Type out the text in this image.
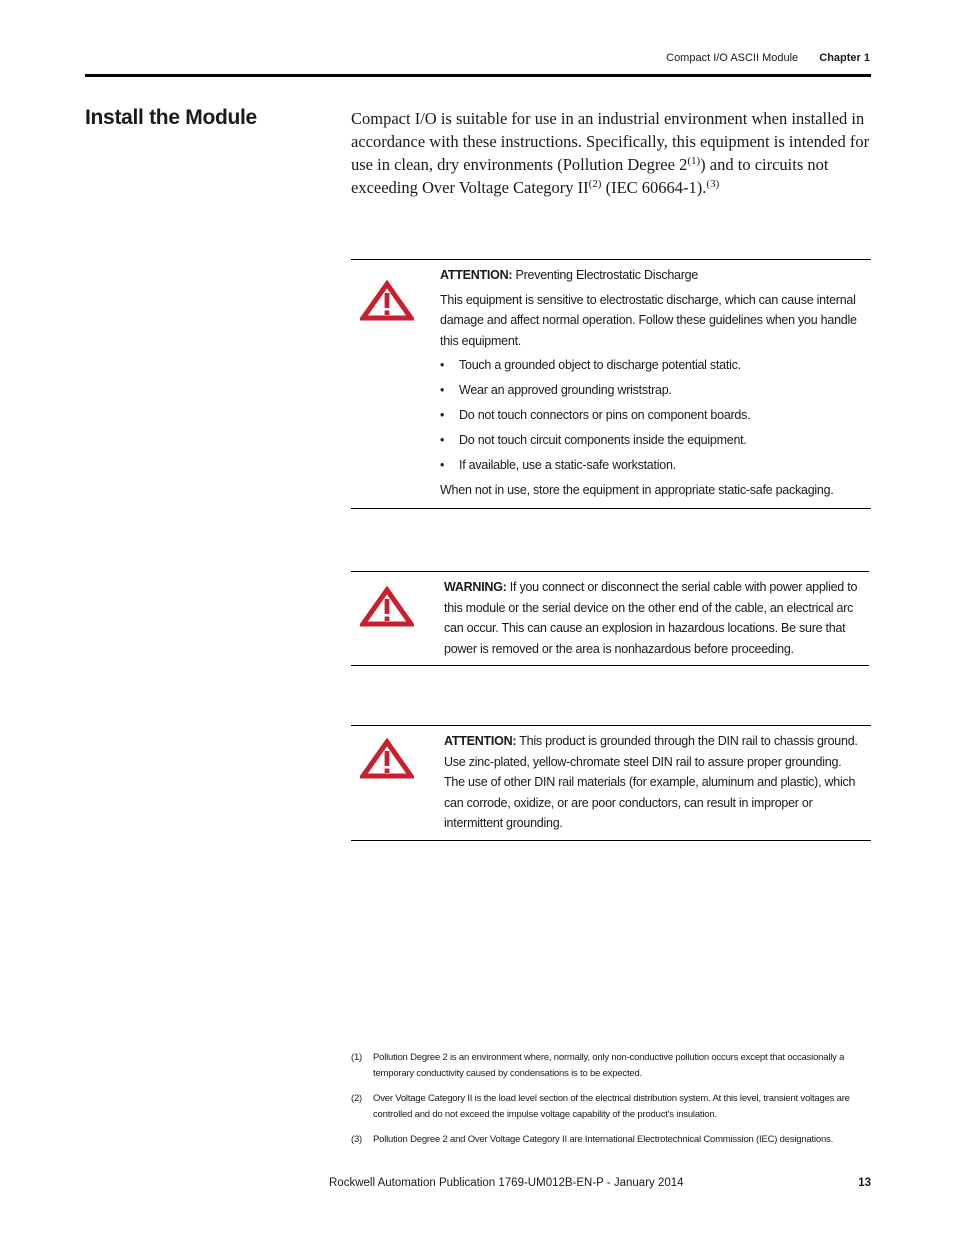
Compact I/O ASCII Module Chapter 1
Install the Module	Compact I/O is suitable for use in an industrial environment when installed in accordance with these instructions. Specifically, this equipment is intended for use in clean, dry environments (Pollution Degree 2$^{(1)}$) and to circuits not exceeding Over Voltage Category II$^{(2)}$ (IEC 60664-1).$^{(3)}$

ATTENTION: Preventing Electrostatic Discharge

This equipment is sensitive to electrostatic discharge, which can cause internal damage and affect normal operation. Follow these guidelines when you handle this equipment.

• Touch a grounded object to discharge potential static.
• Wear an approved grounding wriststrap.
• Do not touch connectors or pins on component boards.
• Do not touch circuit components inside the equipment.
• If available, use a static-safe workstation.

When not in use, store the equipment in appropriate static-safe packaging.

WARNING: If you connect or disconnect the serial cable with power applied to this module or the serial device on the other end of the cable, an electrical arc can occur. This can cause an explosion in hazardous locations. Be sure that power is removed or the area is nonhazardous before proceeding.

ATTENTION: This product is grounded through the DIN rail to chassis ground. Use zinc-plated, yellow-chromate steel DIN rail to assure proper grounding. The use of other DIN rail materials (for example, aluminum and plastic), which can corrode, oxidize, or are poor conductors, can result in improper or intermittent grounding.

(1) Pollution Degree 2 is an environment where, normally, only non-conductive pollution occurs except that occasionally a temporary conductivity caused by condensations is to be expected.
(2) Over Voltage Category II is the load level section of the electrical distribution system. At this level, transient voltages are controlled and do not exceed the impulse voltage capability of the product's insulation.
(3) Pollution Degree 2 and Over Voltage Category II are International Electrotechnical Commission (IEC) designations.
Rockwell Automation Publication 1769-UM012B-EN-P - January 2014	13
